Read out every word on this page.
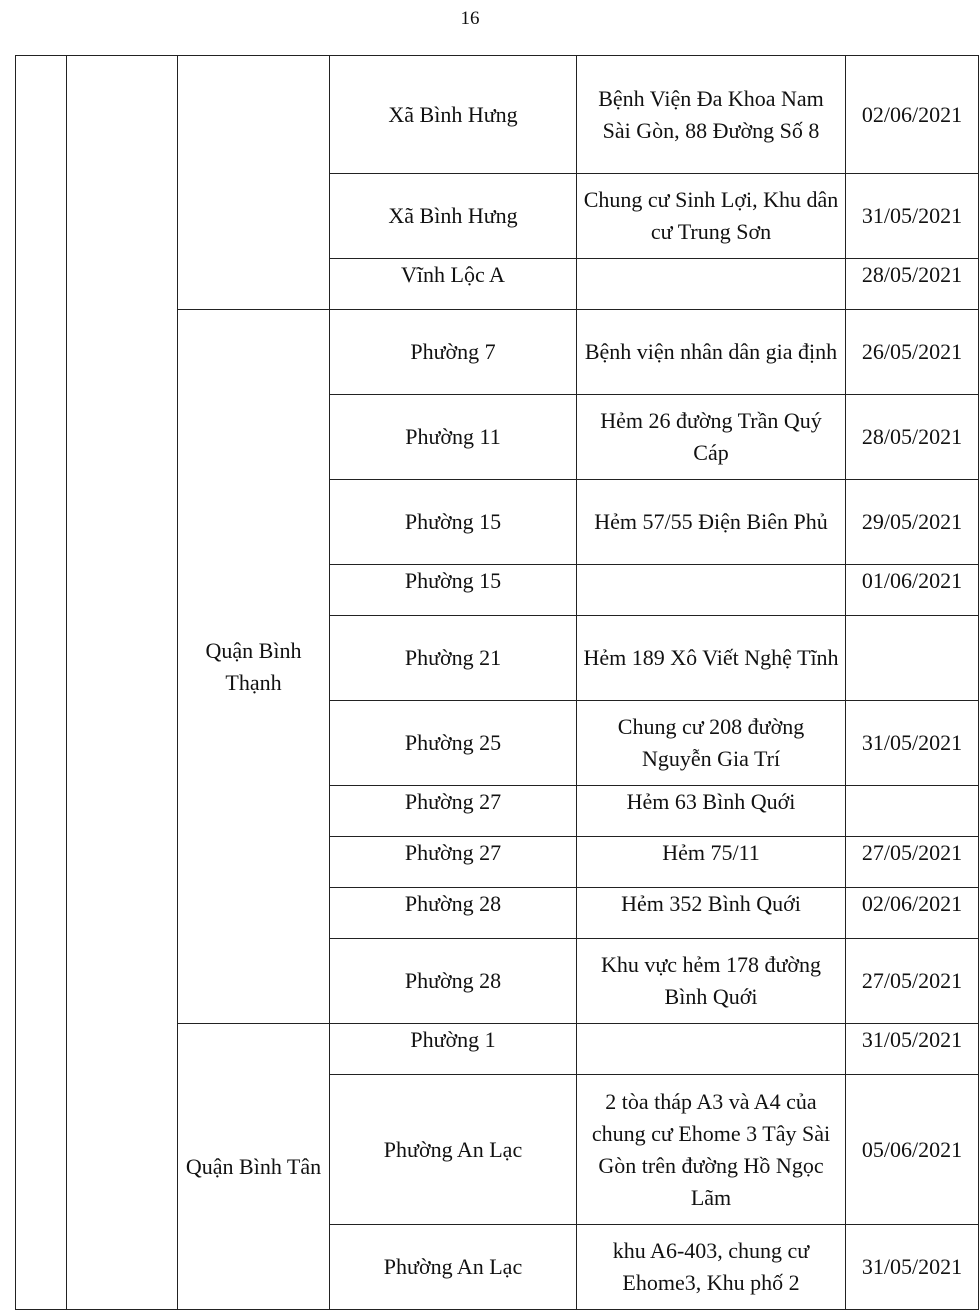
16
			Xã Bình Hưng	Bệnh Viện Đa Khoa Nam Sài Gòn, 88 Đường Số 8	02/06/2021
			Xã Bình Hưng	Chung cư Sinh Lợi, Khu dân cư Trung Sơn	31/05/2021
			Vĩnh Lộc A		28/05/2021
		Quận Bình Thạnh	Phường 7	Bệnh viện nhân dân gia định	26/05/2021
			Phường 11	Hẻm 26 đường Trần Quý Cáp	28/05/2021
			Phường 15	Hẻm 57/55 Điện Biên Phủ	29/05/2021
			Phường 15		01/06/2021
			Phường 21	Hẻm 189 Xô Viết Nghệ Tĩnh	
			Phường 25	Chung cư 208 đường Nguyễn Gia Trí	31/05/2021
			Phường 27	Hẻm 63 Bình Quới	
			Phường 27	Hẻm 75/11	27/05/2021
			Phường 28	Hẻm 352 Bình Quới	02/06/2021
			Phường 28	Khu vực hẻm 178 đường Bình Quới	27/05/2021
		Quận Bình Tân	Phường 1		31/05/2021
			Phường An Lạc	2 tòa tháp A3 và A4 của chung cư Ehome 3 Tây Sài Gòn trên đường Hồ Ngọc Lãm	05/06/2021
			Phường An Lạc	khu A6-403, chung cư Ehome3, Khu phố 2	31/05/2021
